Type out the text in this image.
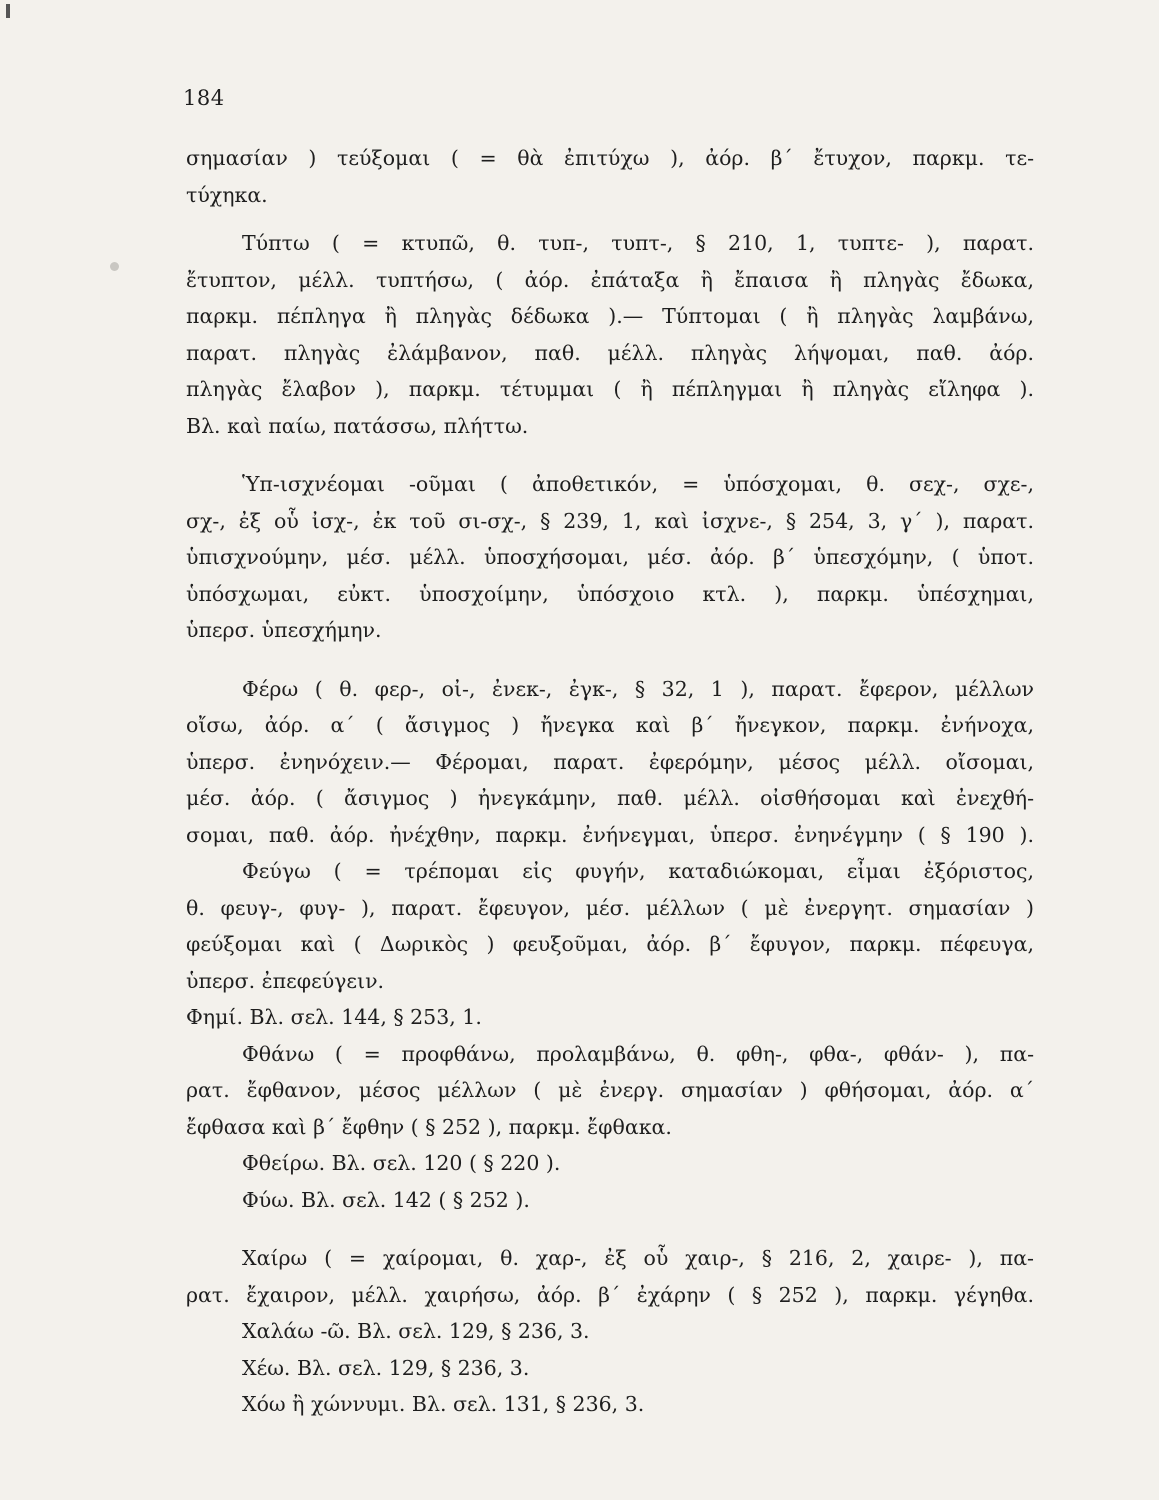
184
σημασίαν ) τεύξομαι ( = θὰ ἐπιτύχω ), ἀόρ. β΄ ἔτυχον, παρκμ. τε-
τύχηκα.
Τύπτω ( = κτυπῶ, θ. τυπ-, τυπτ-, § 210, 1, τυπτε- ), παρατ.
ἔτυπτον, μέλλ. τυπτήσω, ( ἀόρ. ἐπάταξα ἢ ἔπαισα ἢ πληγὰς ἔδωκα,
παρκμ. πέπληγα ἢ πληγὰς δέδωκα ).— Τύπτομαι ( ἢ πληγὰς λαμβάνω,
παρατ. πληγὰς ἐλάμβανον, παθ. μέλλ. πληγὰς λήψομαι, παθ. ἀόρ.
πληγὰς ἔλαβον ), παρκμ. τέτυμμαι ( ἢ πέπληγμαι ἢ πληγὰς εἴληφα ).
Βλ. καὶ παίω, πατάσσω, πλήττω.
Ὑπ-ισχνέομαι -οῦμαι ( ἀποθετικόν, = ὑπόσχομαι, θ. σεχ-, σχε-,
σχ-, ἐξ οὗ ἰσχ-, ἐκ τοῦ σι-σχ-, § 239, 1, καὶ ἰσχνε-, § 254, 3, γ΄ ), παρατ.
ὑπισχνούμην, μέσ. μέλλ. ὑποσχήσομαι, μέσ. ἀόρ. β΄ ὑπεσχόμην, ( ὑποτ.
ὑπόσχωμαι, εὐκτ. ὑποσχοίμην, ὑπόσχοιο κτλ. ), παρκμ. ὑπέσχημαι,
ὑπερσ. ὑπεσχήμην.
Φέρω ( θ. φερ-, οἰ-, ἐνεκ-, ἐγκ-, § 32, 1 ), παρατ. ἔφερον, μέλλων
οἴσω, ἀόρ. α΄ ( ἄσιγμος ) ἤνεγκα καὶ β΄ ἤνεγκον, παρκμ. ἐνήνοχα,
ὑπερσ. ἐνηνόχειν.— Φέρομαι, παρατ. ἐφερόμην, μέσος μέλλ. οἴσομαι,
μέσ. ἀόρ. ( ἄσιγμος ) ἠνεγκάμην, παθ. μέλλ. οἰσθήσομαι καὶ ἐνεχθή-
σομαι, παθ. ἀόρ. ἠνέχθην, παρκμ. ἐνήνεγμαι, ὑπερσ. ἐνηνέγμην ( § 190 ).
Φεύγω ( = τρέπομαι εἰς φυγήν, καταδιώκομαι, εἶμαι ἐξόριστος,
θ. φευγ-, φυγ- ), παρατ. ἔφευγον, μέσ. μέλλων ( μὲ ἐνεργητ. σημασίαν )
φεύξομαι καὶ ( Δωρικὸς ) φευξοῦμαι, ἀόρ. β΄ ἔφυγον, παρκμ. πέφευγα,
ὑπερσ. ἐπεφεύγειν.
Φημί. Βλ. σελ. 144, § 253, 1.
Φθάνω ( = προφθάνω, προλαμβάνω, θ. φθη-, φθα-, φθάν- ), πα-
ρατ. ἔφθανον, μέσος μέλλων ( μὲ ἐνεργ. σημασίαν ) φθήσομαι, ἀόρ. α΄
ἔφθασα καὶ β΄ ἔφθην ( § 252 ), παρκμ. ἔφθακα.
Φθείρω. Βλ. σελ. 120 ( § 220 ).
Φύω. Βλ. σελ. 142 ( § 252 ).
Χαίρω ( = χαίρομαι, θ. χαρ-, ἐξ οὗ χαιρ-, § 216, 2, χαιρε- ), πα-
ρατ. ἔχαιρον, μέλλ. χαιρήσω, ἀόρ. β΄ ἐχάρην ( § 252 ), παρκμ. γέγηθα.
Χαλάω -ῶ. Βλ. σελ. 129, § 236, 3.
Χέω. Βλ. σελ. 129, § 236, 3.
Χόω ἢ χώννυμι. Βλ. σελ. 131, § 236, 3.
